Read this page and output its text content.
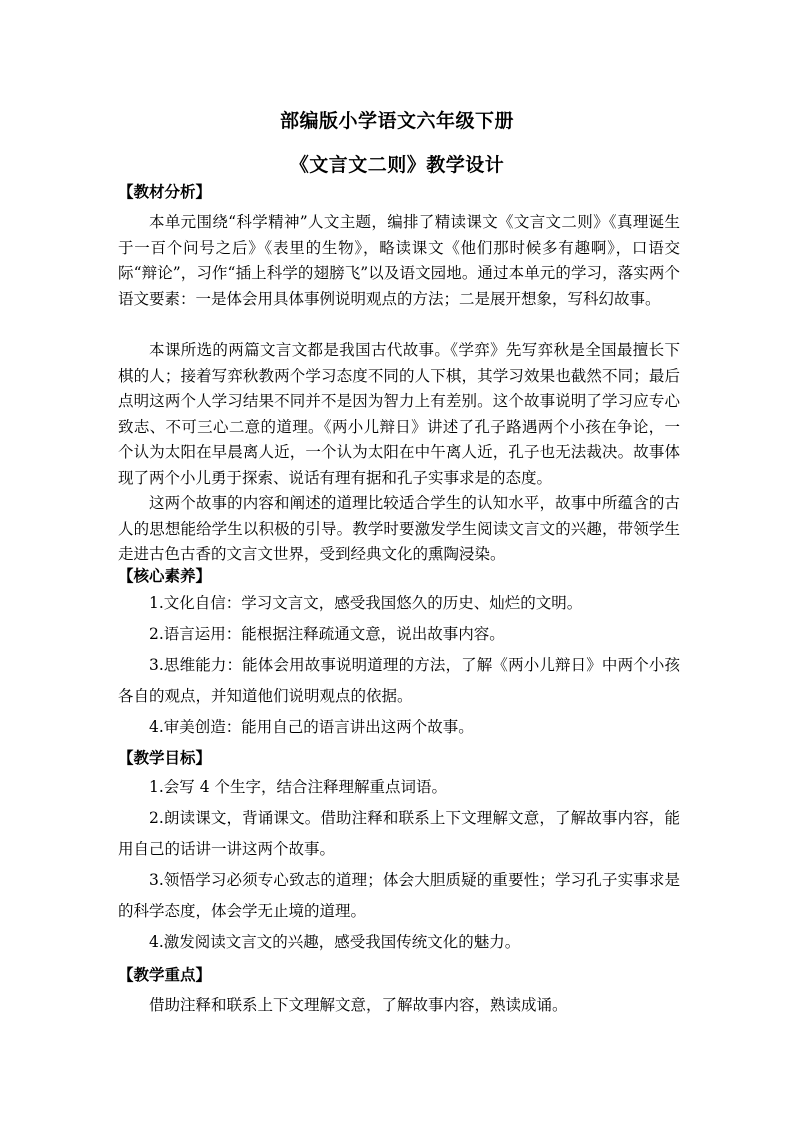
部编版小学语文六年级下册
《文言文二则》教学设计
【教材分析】
本单元围绕“科学精神”人文主题，编排了精读课文《文言文二则》《真理诞生于一百个问号之后》《表里的生物》，略读课文《他们那时候多有趣啊》，口语交际“辩论”，习作“插上科学的翅膀飞”以及语文园地。通过本单元的学习，落实两个语文要素：一是体会用具体事例说明观点的方法；二是展开想象，写科幻故事。
本课所选的两篇文言文都是我国古代故事。《学弈》先写弈秋是全国最擅长下棋的人；接着写弈秋教两个学习态度不同的人下棋，其学习效果也截然不同；最后点明这两个人学习结果不同并不是因为智力上有差别。这个故事说明了学习应专心致志、不可三心二意的道理。《两小儿辩日》讲述了孔子路遇两个小孩在争论，一个认为太阳在早晨离人近，一个认为太阳在中午离人近，孔子也无法裁决。故事体现了两个小儿勇于探索、说话有理有据和孔子实事求是的态度。
这两个故事的内容和阐述的道理比较适合学生的认知水平，故事中所蕴含的古人的思想能给学生以积极的引导。教学时要激发学生阅读文言文的兴趣，带领学生走进古色古香的文言文世界，受到经典文化的熏陶浸染。
【核心素养】
1.文化自信：学习文言文，感受我国悠久的历史、灿烂的文明。
2.语言运用：能根据注释疏通文意，说出故事内容。
3.思维能力：能体会用故事说明道理的方法，了解《两小儿辩日》中两个小孩各自的观点，并知道他们说明观点的依据。
4.审美创造：能用自己的语言讲出这两个故事。
【教学目标】
1.会写 4 个生字，结合注释理解重点词语。
2.朗读课文，背诵课文。借助注释和联系上下文理解文意，了解故事内容，能用自己的话讲一讲这两个故事。
3.领悟学习必须专心致志的道理；体会大胆质疑的重要性；学习孔子实事求是的科学态度，体会学无止境的道理。
4.激发阅读文言文的兴趣，感受我国传统文化的魅力。
【教学重点】
借助注释和联系上下文理解文意，了解故事内容，熟读成诵。
